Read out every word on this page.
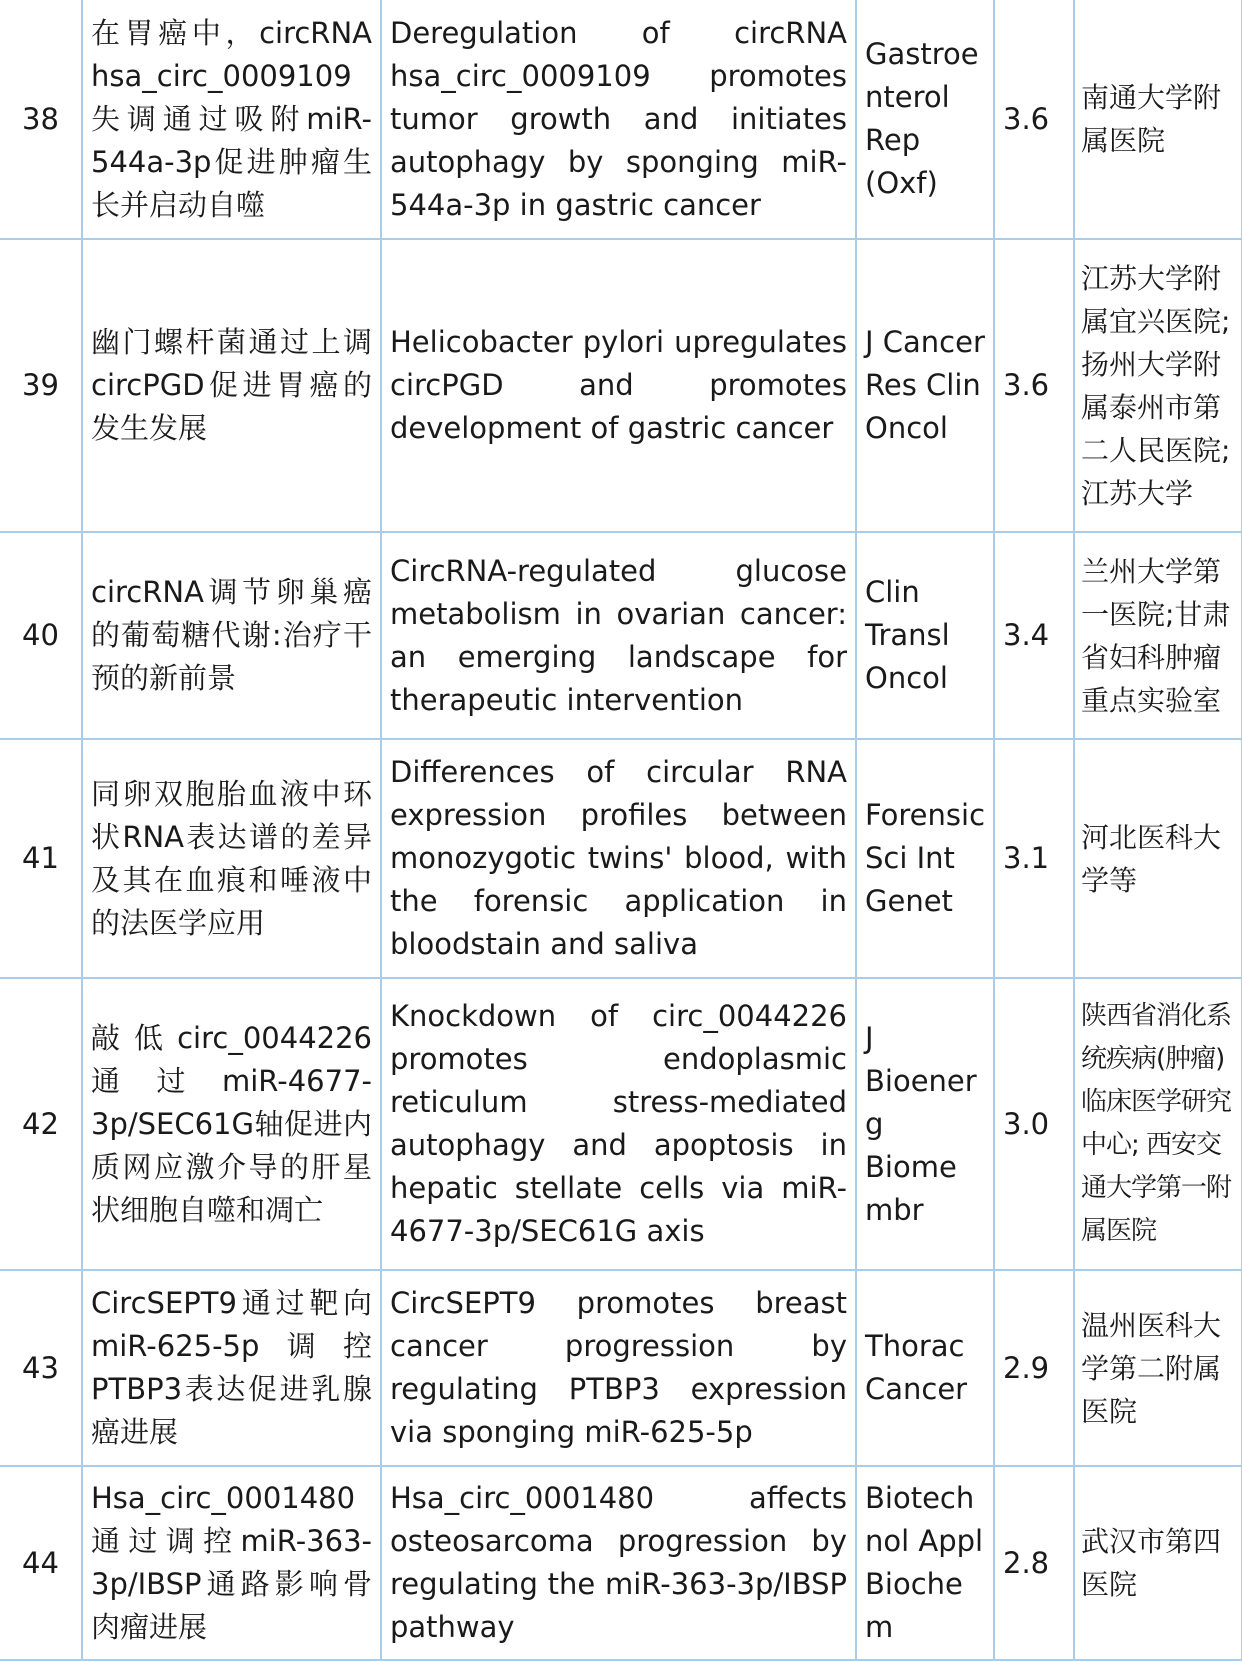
38	在胃癌中，circRNA hsa_circ_0009109失调通过吸附miR-544a-3p促进肿瘤生长并启动自噬	Deregulation of circRNA hsa_circ_0009109 promotes tumor growth and initiates autophagy by sponging miR-544a-3p in gastric cancer	Gastroenterol Rep (Oxf)	3.6	南通大学附属医院
39	幽门螺杆菌通过上调circPGD促进胃癌的发生发展	Helicobacter pylori upregulates circPGD and promotes development of gastric cancer	J Cancer Res Clin Oncol	3.6	江苏大学附属宜兴医院;扬州大学附属泰州市第二人民医院;江苏大学
40	circRNA调节卵巢癌的葡萄糖代谢:治疗干预的新前景	CircRNA-regulated glucose metabolism in ovarian cancer: an emerging landscape for therapeutic intervention	Clin Transl Oncol	3.4	兰州大学第一医院;甘肃省妇科肿瘤重点实验室
41	同卵双胞胎血液中环状RNA表达谱的差异及其在血痕和唾液中的法医学应用	Differences of circular RNA expression profiles between monozygotic twins' blood, with the forensic application in bloodstain and saliva	Forensic Sci Int Genet	3.1	河北医科大学等
42	敲低circ_0044226通过miR-4677-3p/SEC61G轴促进内质网应激介导的肝星状细胞自噬和凋亡	Knockdown of circ_0044226 promotes endoplasmic reticulum stress-mediated autophagy and apoptosis in hepatic stellate cells via miR-4677-3p/SEC61G axis	J Bioenerg Biomembr	3.0	陕西省消化系统疾病(肿瘤)临床医学研究中心; 西安交通大学第一附属医院
43	CircSEPT9通过靶向miR-625-5p调控PTBP3表达促进乳腺癌进展	CircSEPT9 promotes breast cancer progression by regulating PTBP3 expression via sponging miR-625-5p	Thorac Cancer	2.9	温州医科大学第二附属医院
44	Hsa_circ_0001480通过调控miR-363-3p/IBSP通路影响骨肉瘤进展	Hsa_circ_0001480 affects osteosarcoma progression by regulating the miR-363-3p/IBSP pathway	Biotechnol Appl Biochem	2.8	武汉市第四医院
